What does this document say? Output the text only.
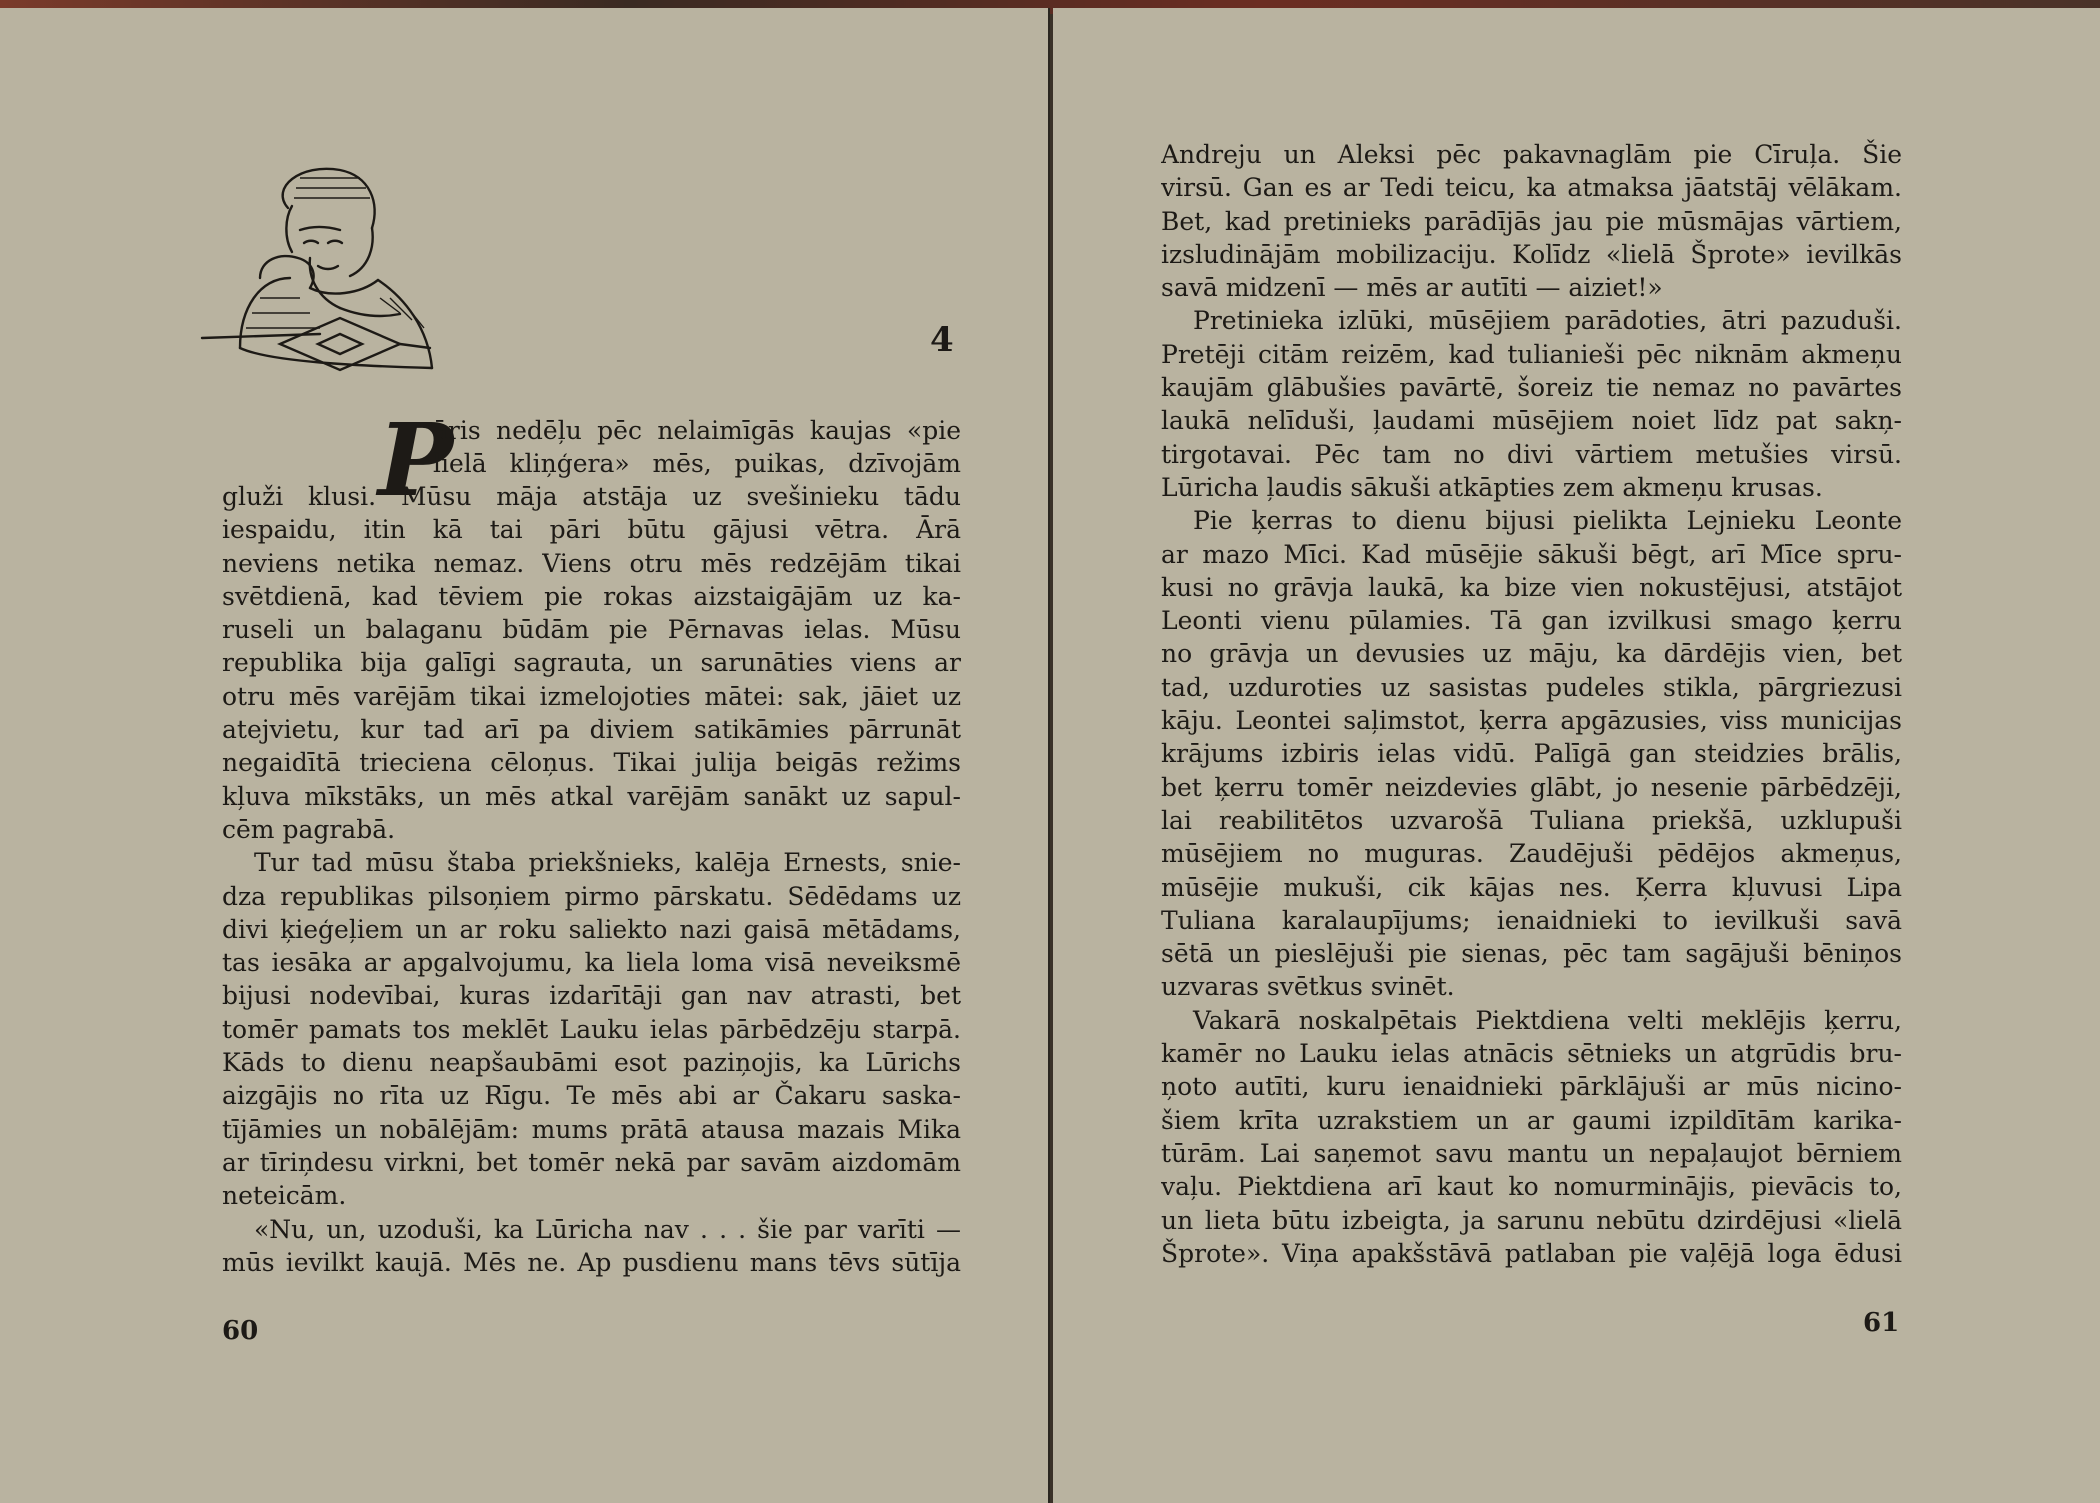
4
P
āris nedēļu pēc nelaimīgās kaujas «pie
lielā kliņģera» mēs, puikas, dzīvojām
gluži klusi. Mūsu māja atstāja uz svešinieku tādu
iespaidu, itin kā tai pāri būtu gājusi vētra. Ārā
neviens netika nemaz. Viens otru mēs redzējām tikai
svētdienā, kad tēviem pie rokas aizstaigājām uz ka-
ruseli un balaganu būdām pie Pērnavas ielas. Mūsu
republika bija galīgi sagrauta, un sarunāties viens ar
otru mēs varējām tikai izmelojoties mātei: sak, jāiet uz
atejvietu, kur tad arī pa diviem satikāmies pārrunāt
negaidītā trieciena cēloņus. Tikai julija beigās režims
kļuva mīkstāks, un mēs atkal varējām sanākt uz sapul-
cēm pagrabā.
Tur tad mūsu štaba priekšnieks, kalēja Ernests, snie-
dza republikas pilsoņiem pirmo pārskatu. Sēdēdams uz
divi ķieģeļiem un ar roku saliekto nazi gaisā mētādams,
tas iesāka ar apgalvojumu, ka liela loma visā neveiksmē
bijusi nodevībai, kuras izdarītāji gan nav atrasti, bet
tomēr pamats tos meklēt Lauku ielas pārbēdzēju starpā.
Kāds to dienu neapšaubāmi esot paziņojis, ka Lūrichs
aizgājis no rīta uz Rīgu. Te mēs abi ar Čakaru saska-
tījāmies un nobālējām: mums prātā atausa mazais Mika
ar tīriņdesu virkni, bet tomēr nekā par savām aizdomām
neteicām.
«Nu, un, uzoduši, ka Lūricha nav . . . šie par varīti —
mūs ievilkt kaujā. Mēs ne. Ap pusdienu mans tēvs sūtīja
60
Andreju un Aleksi pēc pakavnaglām pie Cīruļa. Šie
virsū. Gan es ar Tedi teicu, ka atmaksa jāatstāj vēlākam.
Bet, kad pretinieks parādījās jau pie mūsmājas vārtiem,
izsludinājām mobilizaciju. Kolīdz «lielā Šprote» ievilkās
savā midzenī — mēs ar autīti — aiziet!»
Pretinieka izlūki, mūsējiem parādoties, ātri pazuduši.
Pretēji citām reizēm, kad tulianieši pēc niknām akmeņu
kaujām glābušies pavārtē, šoreiz tie nemaz no pavārtes
laukā nelīduši, ļaudami mūsējiem noiet līdz pat sakņ-
tirgotavai. Pēc tam no divi vārtiem metušies virsū.
Lūricha ļaudis sākuši atkāpties zem akmeņu krusas.
Pie ķerras to dienu bijusi pielikta Lejnieku Leonte
ar mazo Mīci. Kad mūsējie sākuši bēgt, arī Mīce spru-
kusi no grāvja laukā, ka bize vien nokustējusi, atstājot
Leonti vienu pūlamies. Tā gan izvilkusi smago ķerru
no grāvja un devusies uz māju, ka dārdējis vien, bet
tad, uzduroties uz sasistas pudeles stikla, pārgriezusi
kāju. Leontei saļimstot, ķerra apgāzusies, viss municijas
krājums izbiris ielas vidū. Palīgā gan steidzies brālis,
bet ķerru tomēr neizdevies glābt, jo nesenie pārbēdzēji,
lai reabilitētos uzvarošā Tuliana priekšā, uzklupuši
mūsējiem no muguras. Zaudējuši pēdējos akmeņus,
mūsējie mukuši, cik kājas nes. Ķerra kļuvusi Lipa
Tuliana karalaupījums; ienaidnieki to ievilkuši savā
sētā un pieslējuši pie sienas, pēc tam sagājuši bēniņos
uzvaras svētkus svinēt.
Vakarā noskalpētais Piektdiena velti meklējis ķerru,
kamēr no Lauku ielas atnācis sētnieks un atgrūdis bru-
ņoto autīti, kuru ienaidnieki pārklājuši ar mūs nicino-
šiem krīta uzrakstiem un ar gaumi izpildītām karika-
tūrām. Lai saņemot savu mantu un nepaļaujot bērniem
vaļu. Piektdiena arī kaut ko nomurminājis, pievācis to,
un lieta būtu izbeigta, ja sarunu nebūtu dzirdējusi «lielā
Šprote». Viņa apakšstāvā patlaban pie vaļējā loga ēdusi
61
